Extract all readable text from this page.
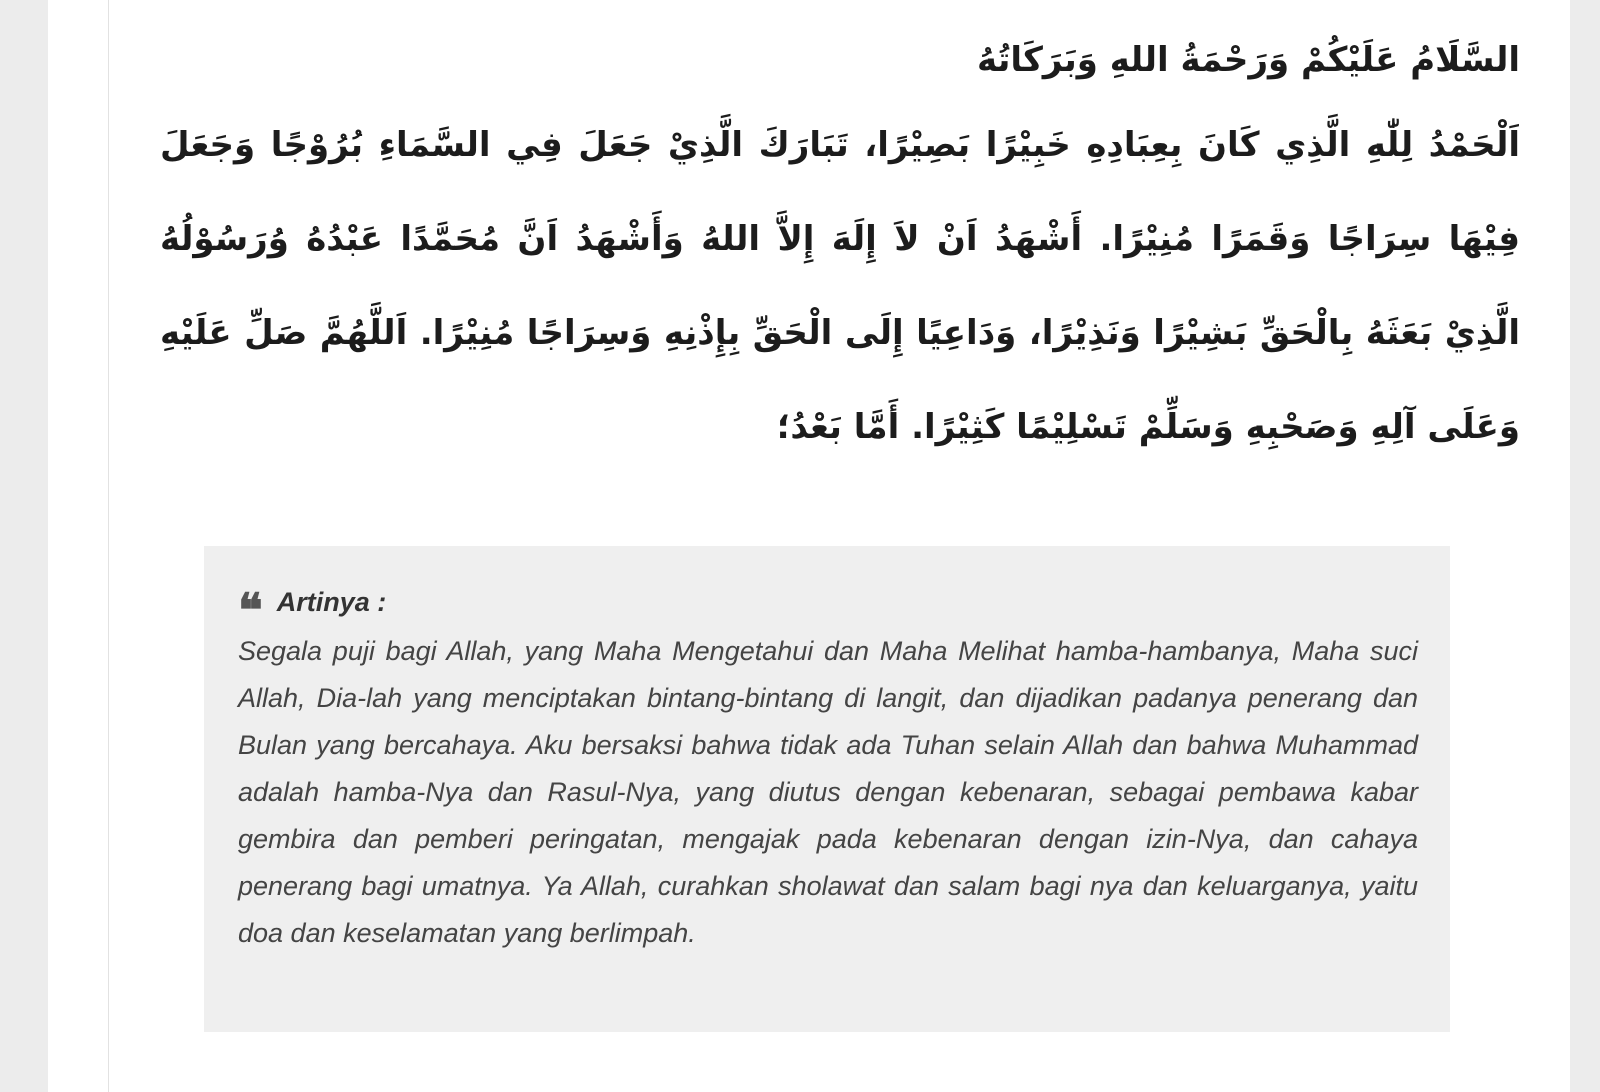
السَّلَامُ عَلَيْكُمْ وَرَحْمَةُ اللهِ وَبَرَكَاتُهُ

اَلْحَمْدُ لِلّٰهِ الَّذِي كَانَ بِعِبَادِهِ خَبِيْرًا بَصِيْرًا، تَبَارَكَ الَّذِيْ جَعَلَ فِي السَّمَاءِ بُرُوْجًا وَجَعَلَ فِيْهَا سِرَاجًا وَقَمَرًا مُنِيْرًا. أَشْهَدُ اَنْ لاَ إِلَهَ إِلاَّ اللهُ وَأَشْهَدُ اَنَّ مُحَمَّدًا عَبْدُهُ وُرَسُوْلُهُ الَّذِيْ بَعَثَهُ بِالْحَقِّ بَشِيْرًا وَنَذِيْرًا، وَدَاعِيًا إِلَى الْحَقِّ بِإِذْنِهِ وَسِرَاجًا مُنِيْرًا. اَللَّهُمَّ صَلِّ عَلَيْهِ وَعَلَى آلِهِ وَصَحْبِهِ وَسَلِّمْ تَسْلِيْمًا كَثِيْرًا. أَمَّا بَعْدُ؛

❝ Artinya :

Segala puji bagi Allah, yang Maha Mengetahui dan Maha Melihat hamba-hambanya, Maha suci Allah, Dia-lah yang menciptakan bintang-bintang di langit, dan dijadikan padanya penerang dan Bulan yang bercahaya. Aku bersaksi bahwa tidak ada Tuhan selain Allah dan bahwa Muhammad adalah hamba-Nya dan Rasul-Nya, yang diutus dengan kebenaran, sebagai pembawa kabar gembira dan pemberi peringatan, mengajak pada kebenaran dengan izin-Nya, dan cahaya penerang bagi umatnya. Ya Allah, curahkan sholawat dan salam bagi nya dan keluarganya, yaitu doa dan keselamatan yang berlimpah.
